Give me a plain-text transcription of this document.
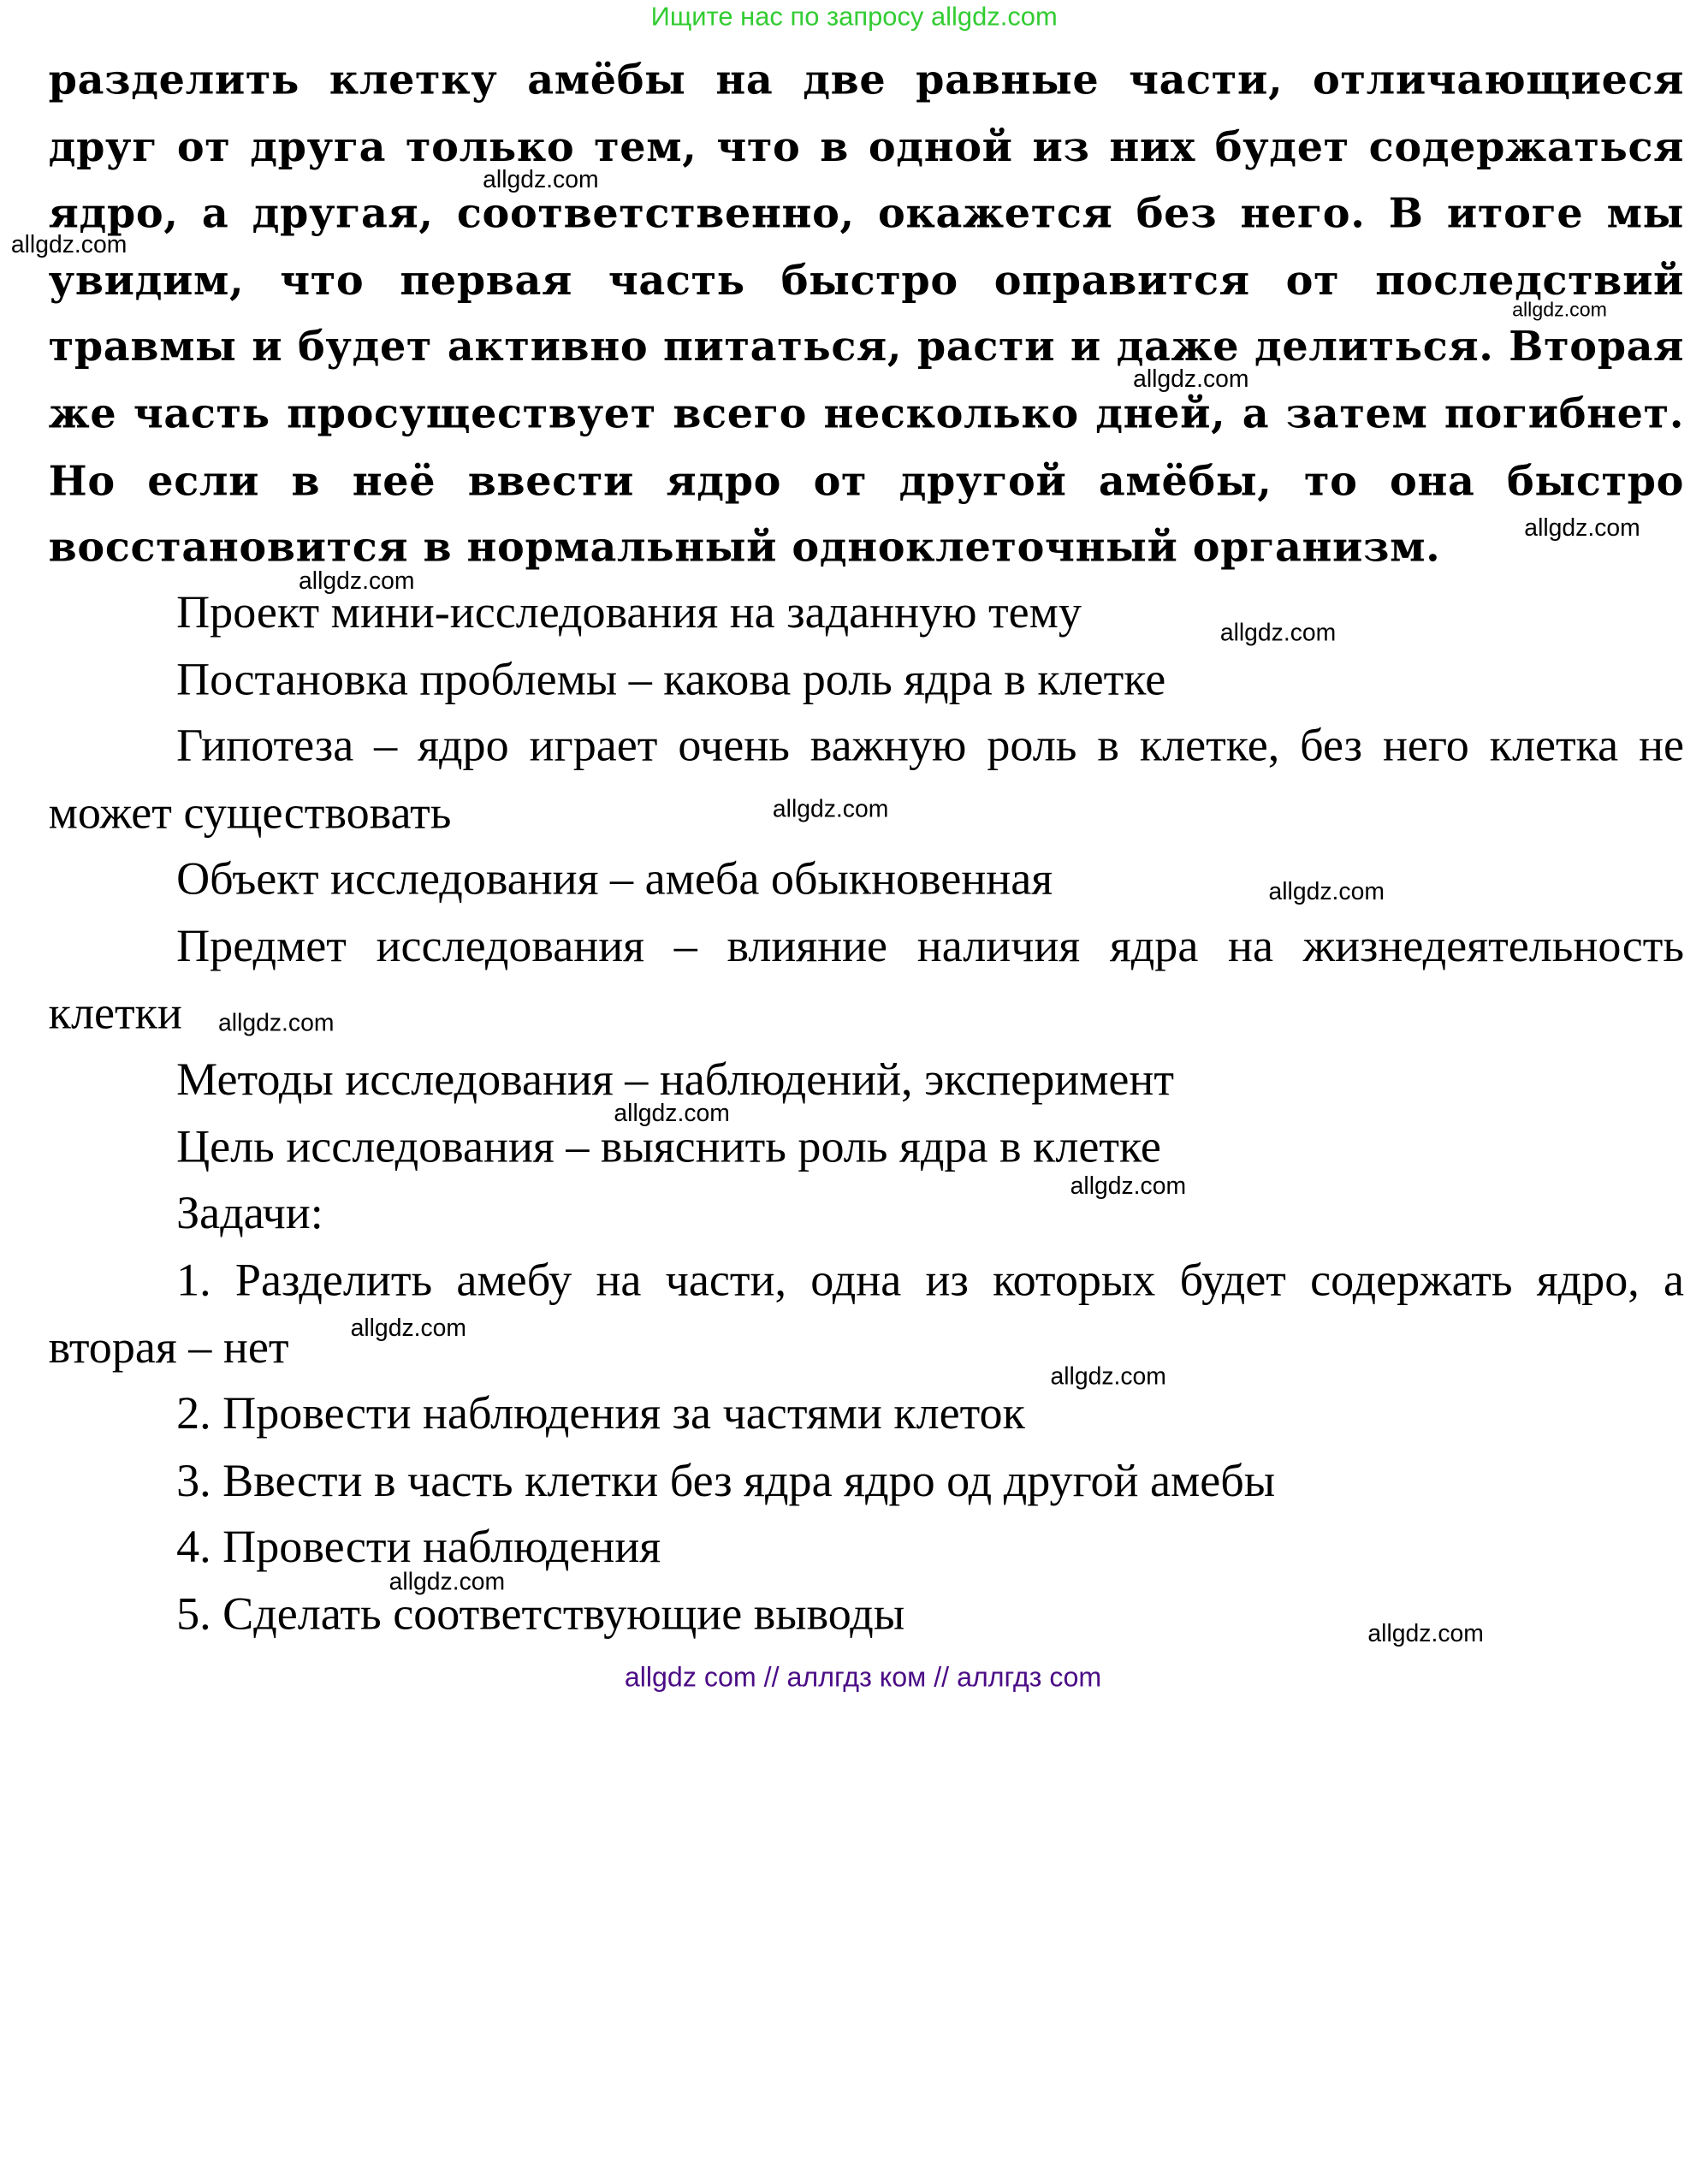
Ищите нас по запросу allgdz.com

разделить клетку амёбы на две равные части, отличающиеся друг от друга только тем, что в одной из них будет содержаться ядро, а другая, соответственно, окажется без него. В итоге мы увидим, что первая часть быстро оправится от последствий травмы и будет активно питаться, расти и даже делиться. Вторая же часть просуществует всего несколько дней, а затем погибнет. Но если в неё ввести ядро от другой амёбы, то она быстро восстановится в нормальный одноклеточный организм.

Проект мини-исследования на заданную тему

Постановка проблемы – какова роль ядра в клетке

Гипотеза – ядро играет очень важную роль в клетке, без него клетка не может существовать

Объект исследования – амеба обыкновенная

Предмет исследования – влияние наличия ядра на жизнедеятельность клетки

Методы исследования – наблюдений, эксперимент

Цель исследования – выяснить роль ядра в клетке

Задачи:

1. Разделить амебу на части, одна из которых будет содержать ядро, а вторая – нет

2. Провести наблюдения за частями клеток

3. Ввести в часть клетки без ядра ядро од другой амебы

4. Провести наблюдения

5. Сделать соответствующие выводы

allgdz.com
allgdz.com
allgdz.com
allgdz.com
allgdz.com
allgdz.com
allgdz.com
allgdz.com
allgdz.com
allgdz.com
allgdz.com
allgdz.com
allgdz.com
allgdz.com
allgdz.com
allgdz.com
allgdz com // аллгдз ком // аллгдз com
